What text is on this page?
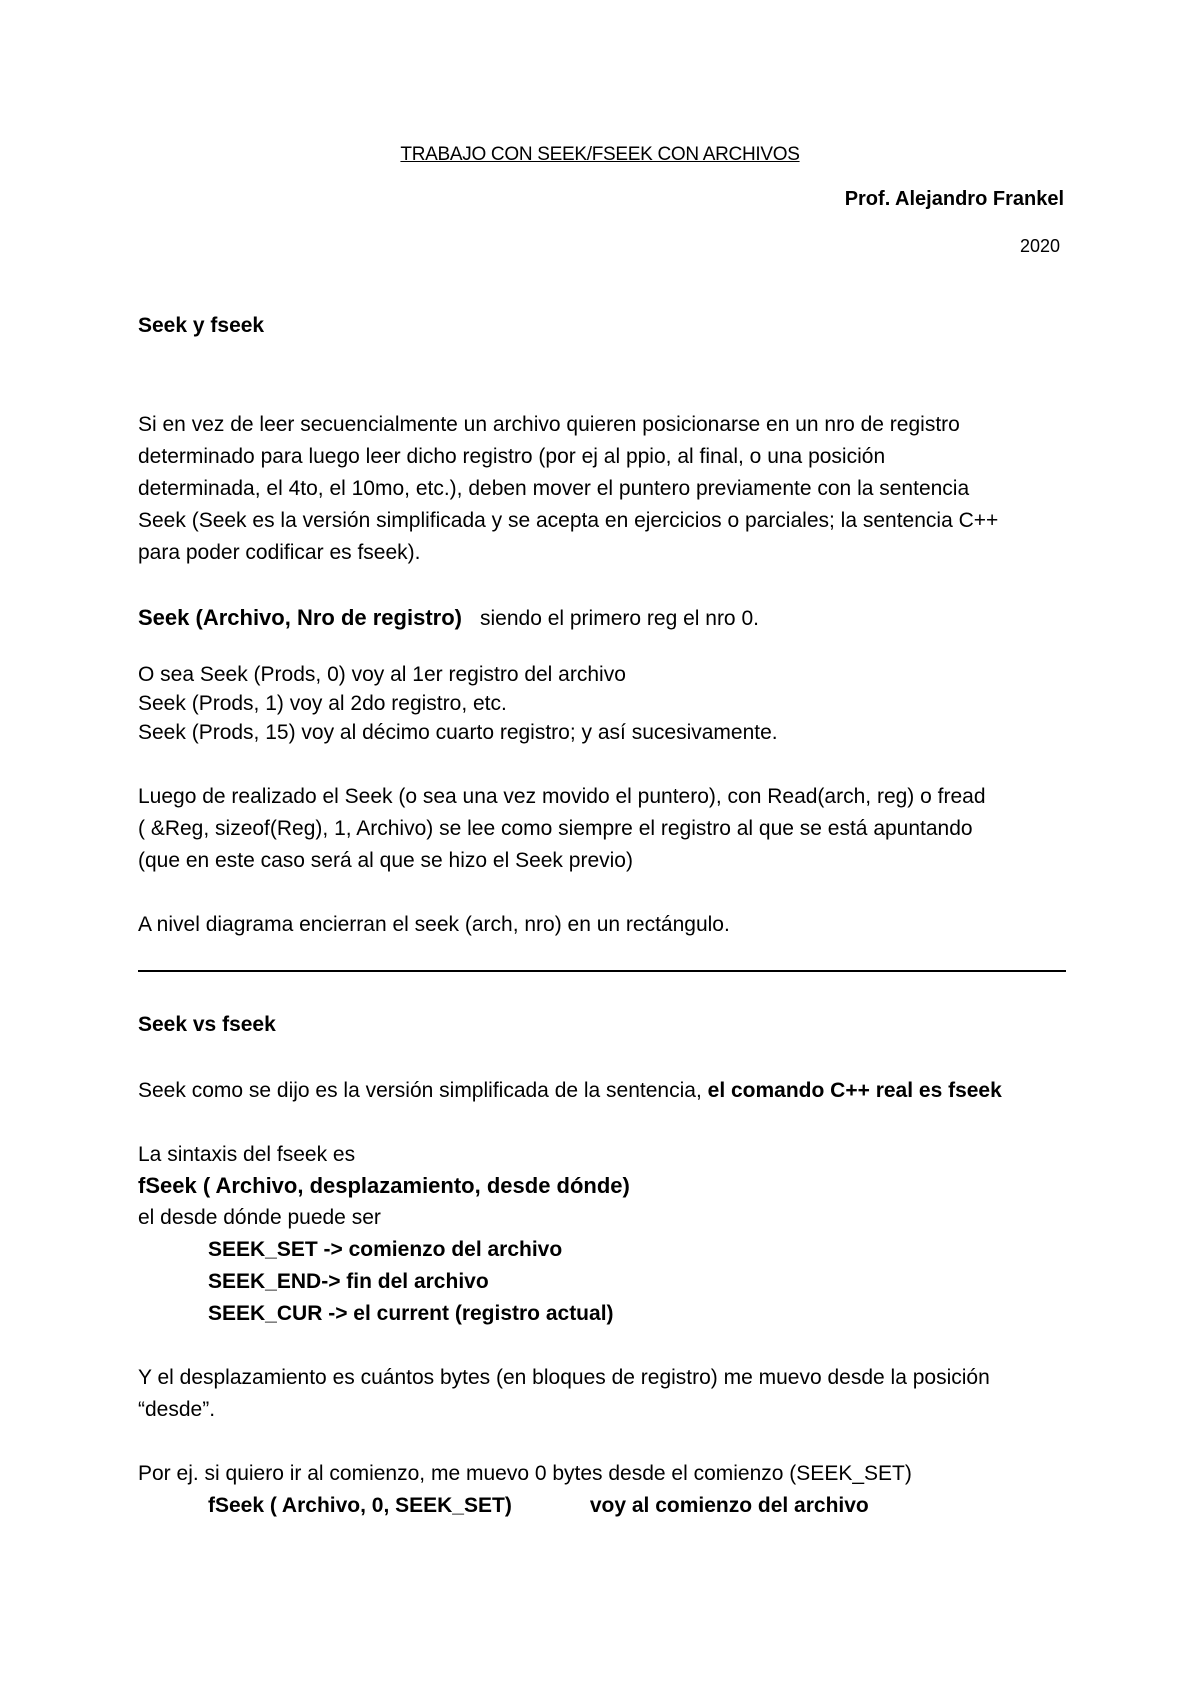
TRABAJO CON SEEK/FSEEK CON ARCHIVOS
Prof. Alejandro Frankel
2020
Seek y fseek
Si en vez de leer secuencialmente un archivo quieren posicionarse en un nro de registro
determinado para luego leer dicho registro (por ej al ppio, al final, o una posición
determinada, el 4to, el 10mo, etc.), deben mover el puntero previamente con la sentencia
Seek (Seek es la versión simplificada y se acepta en ejercicios o parciales; la sentencia C++
para poder codificar es fseek).
Seek (Archivo, Nro de registro) siendo el primero reg el nro 0.
O sea Seek (Prods, 0) voy al 1er registro del archivo
Seek (Prods, 1) voy al 2do registro, etc.
Seek (Prods, 15) voy al décimo cuarto registro; y así sucesivamente.
Luego de realizado el Seek (o sea una vez movido el puntero), con Read(arch, reg) o fread
( &Reg, sizeof(Reg), 1, Archivo) se lee como siempre el registro al que se está apuntando
(que en este caso será al que se hizo el Seek previo)
A nivel diagrama encierran el seek (arch, nro) en un rectángulo.
Seek vs fseek
Seek como se dijo es la versión simplificada de la sentencia, el comando C++ real es fseek
La sintaxis del fseek es
fSeek ( Archivo, desplazamiento, desde dónde)
el desde dónde puede ser
SEEK_SET -> comienzo del archivo
SEEK_END-> fin del archivo
SEEK_CUR -> el current (registro actual)
Y el desplazamiento es cuántos bytes (en bloques de registro) me muevo desde la posición
“desde”.
Por ej. si quiero ir al comienzo, me muevo 0 bytes desde el comienzo (SEEK_SET)
fSeek ( Archivo, 0, SEEK_SET)	voy al comienzo del archivo
